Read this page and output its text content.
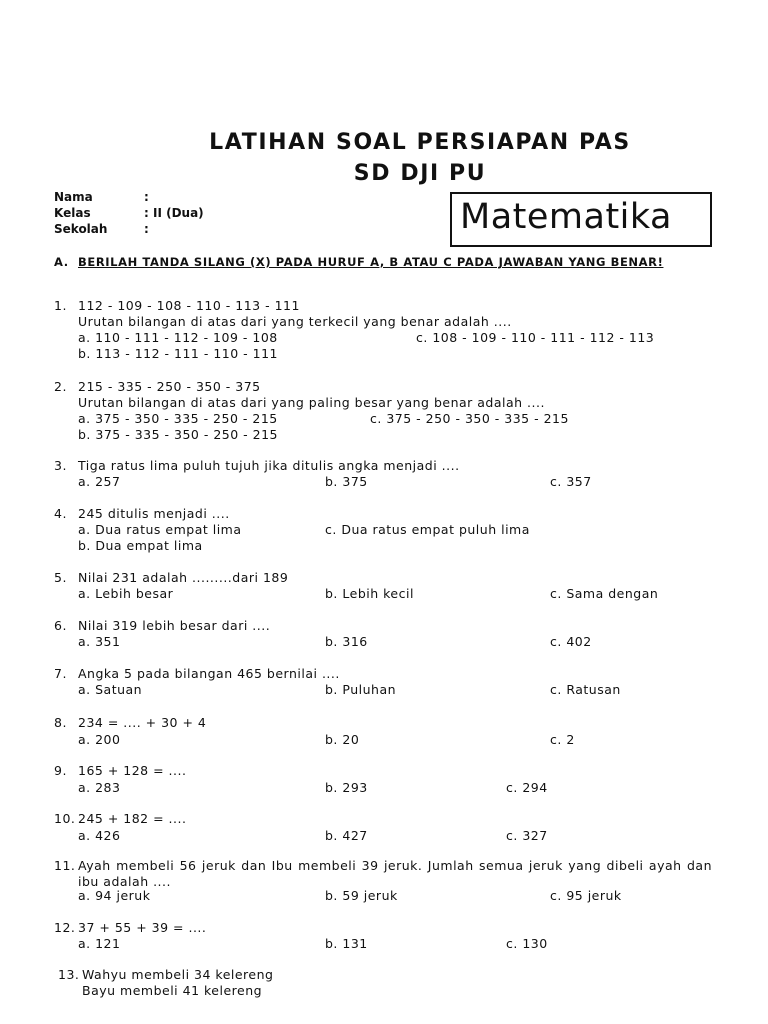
LATIHAN SOAL PERSIAPAN PAS
SD DJI PU
Nama	:
Kelas	: II (Dua)
Sekolah	:	Matematika
A. BERILAH TANDA SILANG (X) PADA HURUF A, B ATAU C PADA JAWABAN YANG BENAR!
1. 112 - 109 - 108 - 110 - 113 - 111
Urutan bilangan di atas dari yang terkecil yang benar adalah ....
a. 110 - 111 - 112 - 109 - 108	c. 108 - 109 - 110 - 111 - 112 - 113
b. 113 - 112 - 111 - 110 - 111
2. 215 - 335 - 250 - 350 - 375
Urutan bilangan di atas dari yang paling besar yang benar adalah ....
a. 375 - 350 - 335 - 250 - 215	c. 375 - 250 - 350 - 335 - 215
b. 375 - 335 - 350 - 250 - 215
3. Tiga ratus lima puluh tujuh jika ditulis angka menjadi ....
a. 257	b. 375	c. 357
4. 245 ditulis menjadi ....
a. Dua ratus empat lima	c. Dua ratus empat puluh lima
b. Dua empat lima
5. Nilai 231 adalah .........dari 189
a. Lebih besar	b. Lebih kecil	c. Sama dengan
6. Nilai 319 lebih besar dari ....
a. 351	b. 316	c. 402
7. Angka 5 pada bilangan 465 bernilai ....
a. Satuan	b. Puluhan	c. Ratusan
8. 234 = .... + 30 + 4
a. 200	b. 20	c. 2
9. 165 + 128 = ....
a. 283	b. 293	c. 294
10. 245 + 182 = ....
a. 426	b. 427	c. 327
11. Ayah membeli 56 jeruk dan Ibu membeli 39 jeruk. Jumlah semua jeruk yang dibeli ayah dan ibu adalah ....
a. 94 jeruk	b. 59 jeruk	c. 95 jeruk
12. 37 + 55 + 39 = ....
a. 121	b. 131	c. 130
13. Wahyu membeli 34 kelereng
Bayu membeli 41 kelereng
